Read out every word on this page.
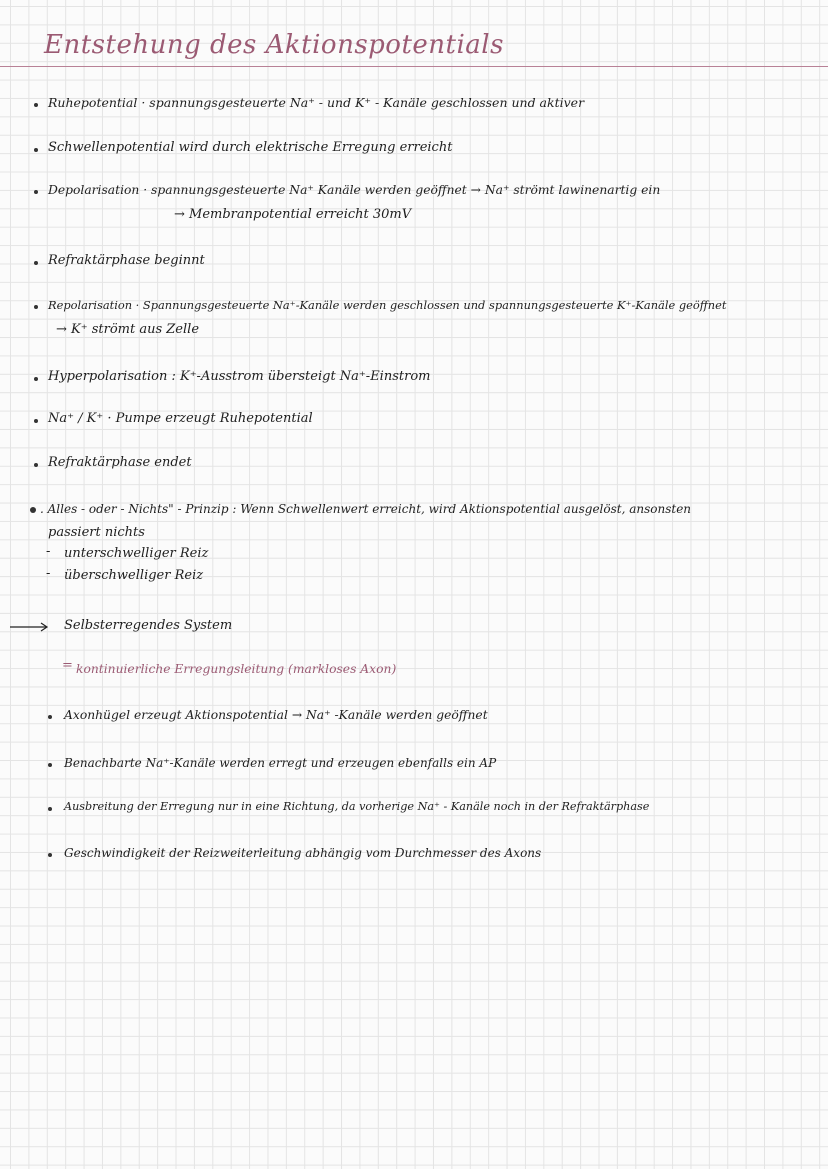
Entstehung des Aktionspotentials
Ruhepotential · spannungsgesteuerte Na⁺ - und K⁺ - Kanäle geschlossen und aktiver
Schwellenpotential wird durch elektrische Erregung erreicht
Depolarisation · spannungsgesteuerte Na⁺ Kanäle werden geöffnet → Na⁺ strömt lawinenartig ein
→ Membranpotential erreicht 30mV
Refraktärphase beginnt
Repolarisation · Spannungsgesteuerte Na⁺-Kanäle werden geschlossen und spannungsgesteuerte K⁺-Kanäle geöffnet
→ K⁺ strömt aus Zelle
Hyperpolarisation : K⁺-Ausstrom übersteigt Na⁺-Einstrom
Na⁺ / K⁺ · Pumpe erzeugt Ruhepotential
Refraktärphase endet
. Alles - oder - Nichts" - Prinzip : Wenn Schwellenwert erreicht, wird Aktionspotential ausgelöst, ansonsten
passiert nichts
- unterschwelliger Reiz
- überschwelliger Reiz
Selbsterregendes System
= kontinuierliche Erregungsleitung (markloses Axon)
Axonhügel erzeugt Aktionspotential → Na⁺ -Kanäle werden geöffnet
Benachbarte Na⁺-Kanäle werden erregt und erzeugen ebenfalls ein AP
Ausbreitung der Erregung nur in eine Richtung, da vorherige Na⁺ - Kanäle noch in der Refraktärphase
Geschwindigkeit der Reizweiterleitung abhängig vom Durchmesser des Axons
